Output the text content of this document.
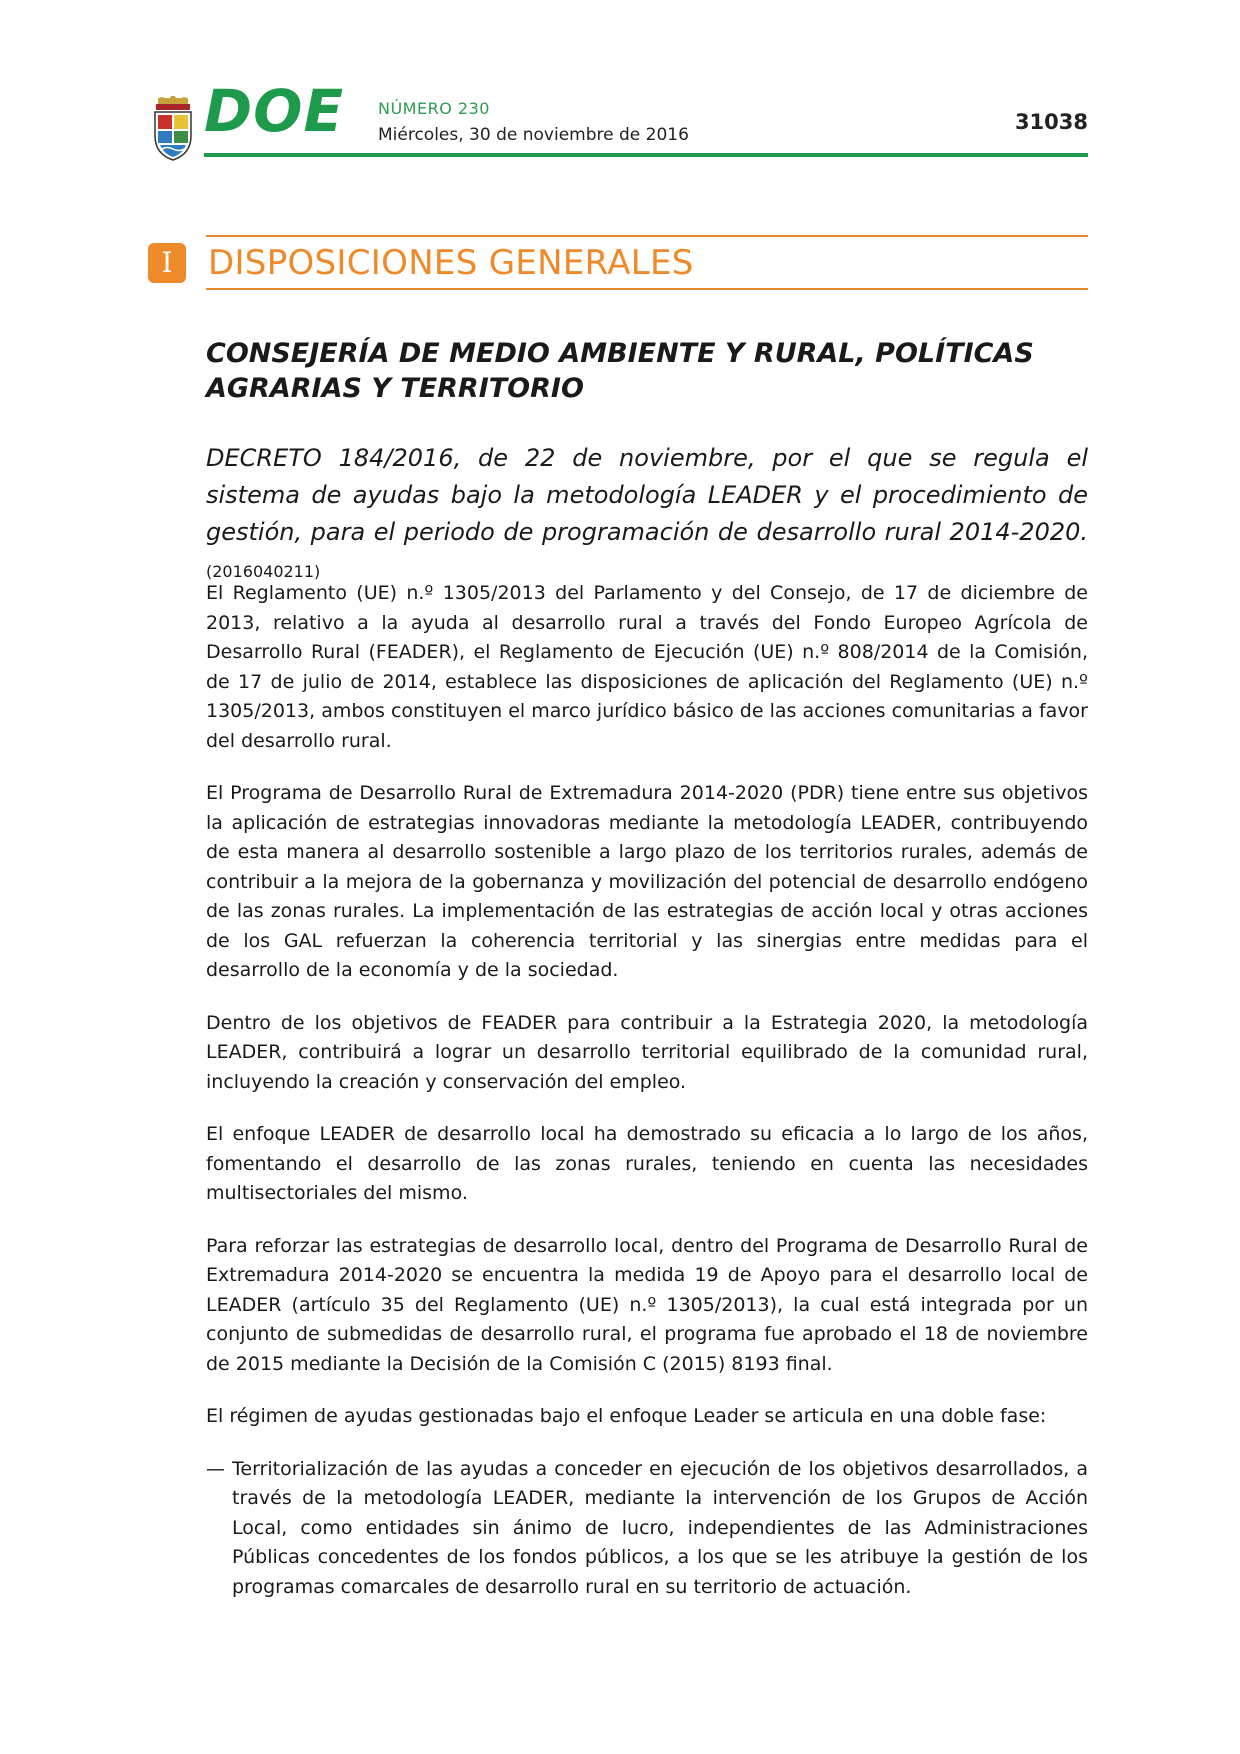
DOE NÚMERO 230
Miércoles, 30 de noviembre de 2016
31038
I	DISPOSICIONES GENERALES
CONSEJERÍA DE MEDIO AMBIENTE Y RURAL, POLÍTICAS AGRARIAS Y TERRITORIO
DECRETO 184/2016, de 22 de noviembre, por el que se regula el sistema de ayudas bajo la metodología LEADER y el procedimiento de gestión, para el periodo de programación de desarrollo rural 2014-2020. (2016040211)

El Reglamento (UE) n.º 1305/2013 del Parlamento y del Consejo, de 17 de diciembre de 2013, relativo a la ayuda al desarrollo rural a través del Fondo Europeo Agrícola de Desarrollo Rural (FEADER), el Reglamento de Ejecución (UE) n.º 808/2014 de la Comisión, de 17 de julio de 2014, establece las disposiciones de aplicación del Reglamento (UE) n.º 1305/2013, ambos constituyen el marco jurídico básico de las acciones comunitarias a favor del desarrollo rural.

El Programa de Desarrollo Rural de Extremadura 2014-2020 (PDR) tiene entre sus objetivos la aplicación de estrategias innovadoras mediante la metodología LEADER, contribuyendo de esta manera al desarrollo sostenible a largo plazo de los territorios rurales, además de contribuir a la mejora de la gobernanza y movilización del potencial de desarrollo endógeno de las zonas rurales. La implementación de las estrategias de acción local y otras acciones de los GAL refuerzan la coherencia territorial y las sinergias entre medidas para el desarrollo de la economía y de la sociedad.

Dentro de los objetivos de FEADER para contribuir a la Estrategia 2020, la metodología LEADER, contribuirá a lograr un desarrollo territorial equilibrado de la comunidad rural, incluyendo la creación y conservación del empleo.

El enfoque LEADER de desarrollo local ha demostrado su eficacia a lo largo de los años, fomentando el desarrollo de las zonas rurales, teniendo en cuenta las necesidades multisectoriales del mismo.

Para reforzar las estrategias de desarrollo local, dentro del Programa de Desarrollo Rural de Extremadura 2014-2020 se encuentra la medida 19 de Apoyo para el desarrollo local de LEADER (artículo 35 del Reglamento (UE) n.º 1305/2013), la cual está integrada por un conjunto de submedidas de desarrollo rural, el programa fue aprobado el 18 de noviembre de 2015 mediante la Decisión de la Comisión C (2015) 8193 final.

El régimen de ayudas gestionadas bajo el enfoque Leader se articula en una doble fase:

— Territorialización de las ayudas a conceder en ejecución de los objetivos desarrollados, a través de la metodología LEADER, mediante la intervención de los Grupos de Acción Local, como entidades sin ánimo de lucro, independientes de las Administraciones Públicas concedentes de los fondos públicos, a los que se les atribuye la gestión de los programas comarcales de desarrollo rural en su territorio de actuación.
